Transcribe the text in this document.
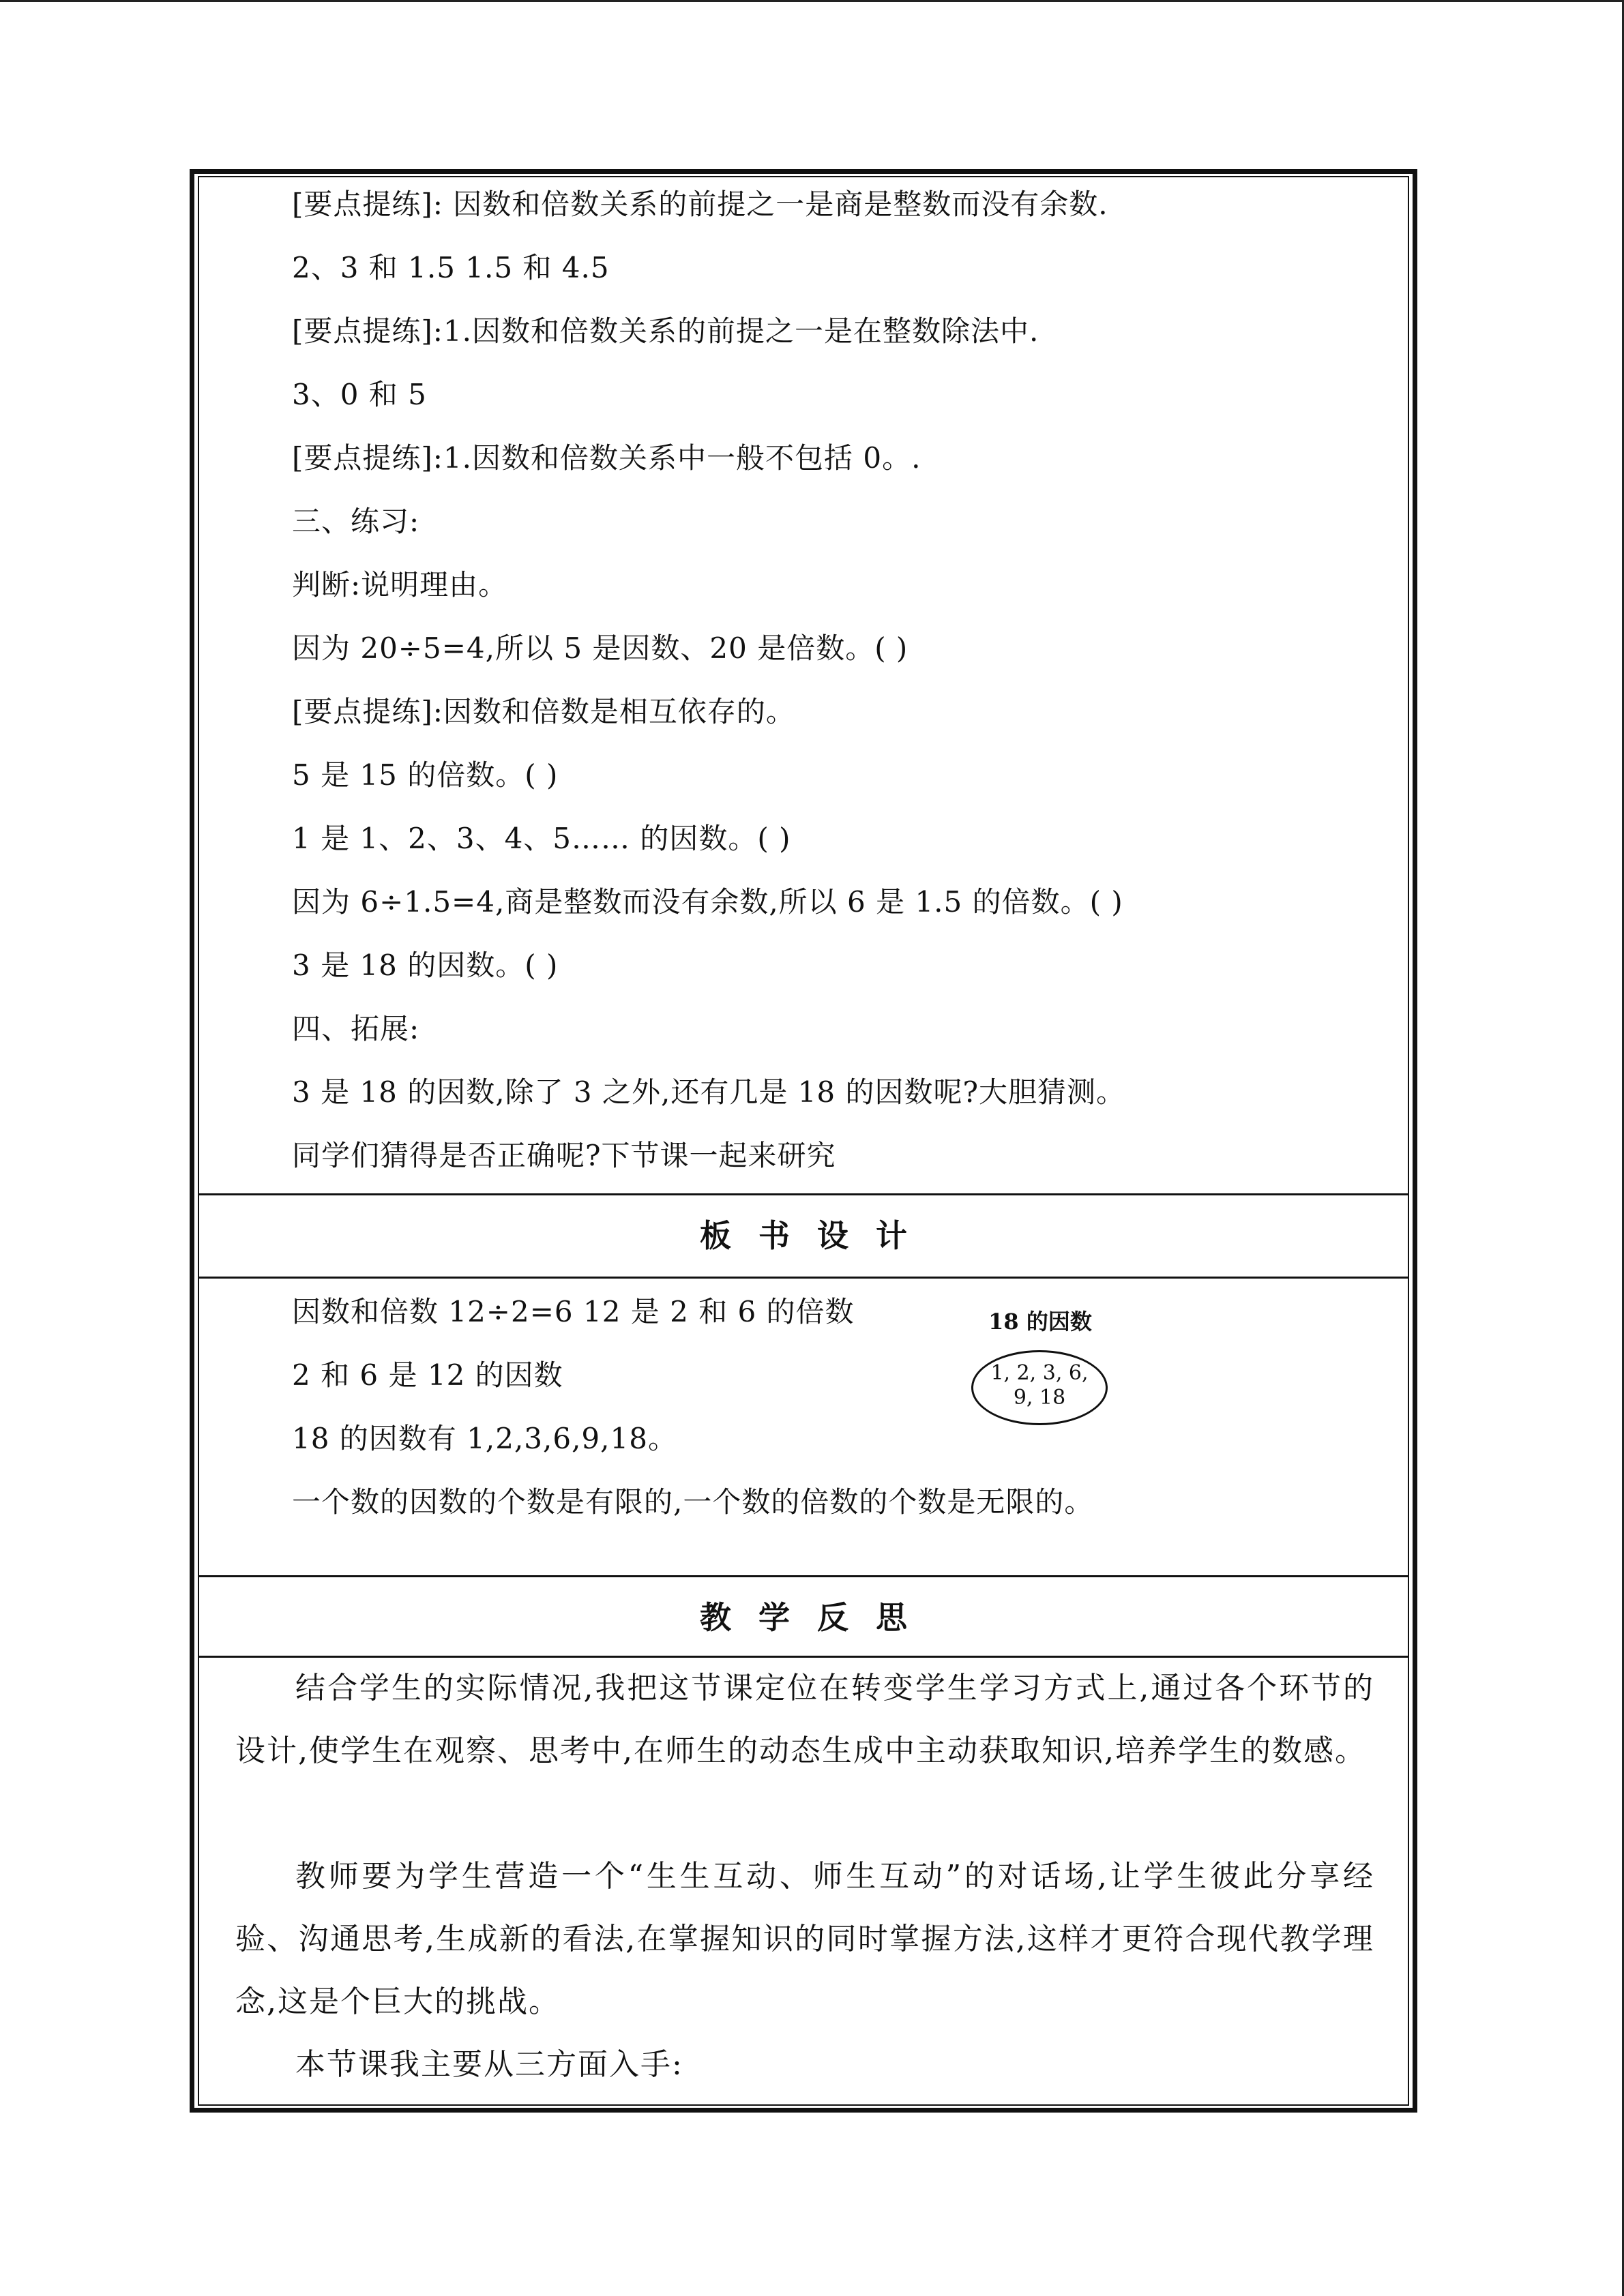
[要点提练]: 因数和倍数关系的前提之一是商是整数而没有余数.
2、3 和 1.5 1.5 和 4.5
[要点提练]:1.因数和倍数关系的前提之一是在整数除法中.
3、0 和 5
[要点提练]:1.因数和倍数关系中一般不包括 0。.
三、练习:
判断:说明理由。
因为 20÷5=4,所以 5 是因数、20 是倍数。( )
[要点提练]:因数和倍数是相互依存的。
5 是 15 的倍数。( )
1 是 1、2、3、4、5…… 的因数。( )
因为 6÷1.5=4,商是整数而没有余数,所以 6 是 1.5 的倍数。( )
3 是 18 的因数。( )
四、拓展:
3 是 18 的因数,除了 3 之外,还有几是 18 的因数呢?大胆猜测。
同学们猜得是否正确呢?下节课一起来研究
板书设计
因数和倍数 12÷2=6 12 是 2 和 6 的倍数
2 和 6 是 12 的因数
18 的因数有 1,2,3,6,9,18。
一个数的因数的个数是有限的,一个数的倍数的个数是无限的。
18 的因数
1, 2, 3, 6,
9, 18
教学反思
结合学生的实际情况,我把这节课定位在转变学生学习方式上,通过各个环节的设计,使学生在观察、思考中,在师生的动态生成中主动获取知识,培养学生的数感。
教师要为学生营造一个“生生互动、师生互动”的对话场,让学生彼此分享经验、沟通思考,生成新的看法,在掌握知识的同时掌握方法,这样才更符合现代教学理念,这是个巨大的挑战。
本节课我主要从三方面入手:
